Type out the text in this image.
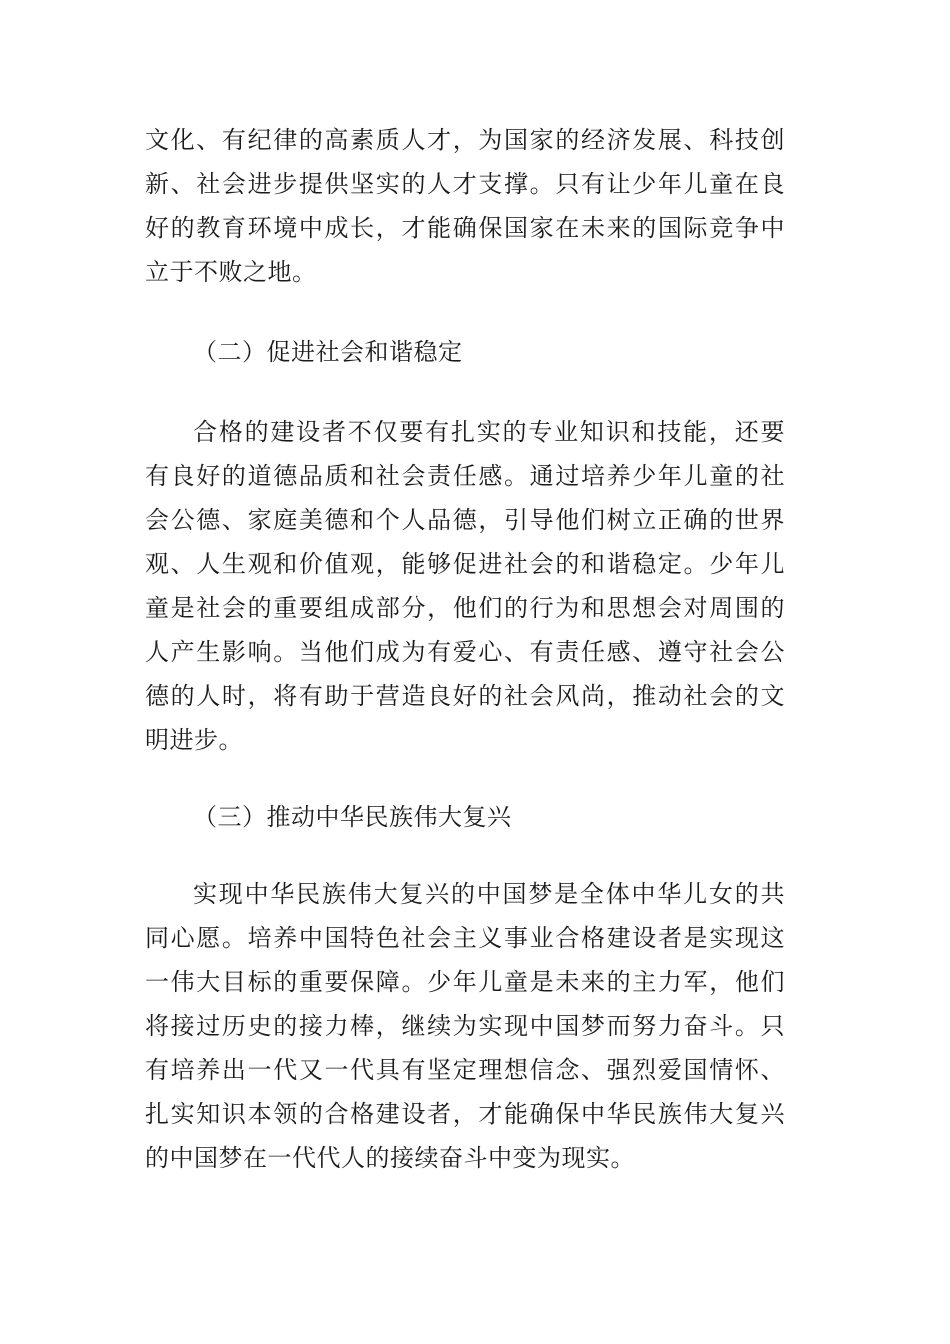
文化、有纪律的高素质人才，为国家的经济发展、科技创
新、社会进步提供坚实的人才支撑。只有让少年儿童在良
好的教育环境中成长，才能确保国家在未来的国际竞争中
立于不败之地。
（二）促进社会和谐稳定
合格的建设者不仅要有扎实的专业知识和技能，还要
有良好的道德品质和社会责任感。通过培养少年儿童的社
会公德、家庭美德和个人品德，引导他们树立正确的世界
观、人生观和价值观，能够促进社会的和谐稳定。少年儿
童是社会的重要组成部分，他们的行为和思想会对周围的
人产生影响。当他们成为有爱心、有责任感、遵守社会公
德的人时，将有助于营造良好的社会风尚，推动社会的文
明进步。
（三）推动中华民族伟大复兴
实现中华民族伟大复兴的中国梦是全体中华儿女的共
同心愿。培养中国特色社会主义事业合格建设者是实现这
一伟大目标的重要保障。少年儿童是未来的主力军，他们
将接过历史的接力棒，继续为实现中国梦而努力奋斗。只
有培养出一代又一代具有坚定理想信念、强烈爱国情怀、
扎实知识本领的合格建设者，才能确保中华民族伟大复兴
的中国梦在一代代人的接续奋斗中变为现实。
